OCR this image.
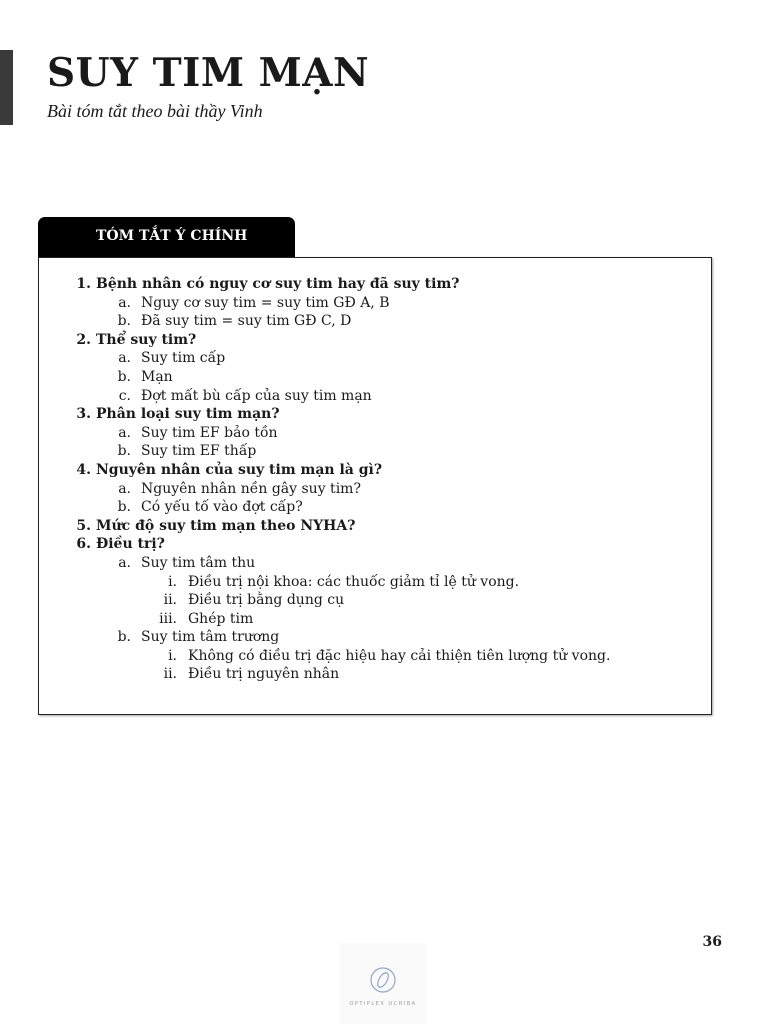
SUY TIM MẠN

Bài tóm tắt theo bài thầy Vinh

TÓM TẮT Ý CHÍNH
1. Bệnh nhân có nguy cơ suy tim hay đã suy tim?
a. Nguy cơ suy tim = suy tim GĐ A, B
b. Đã suy tim = suy tim GĐ C, D
2. Thể suy tim?
a. Suy tim cấp
b. Mạn
c. Đợt mất bù cấp của suy tim mạn
3. Phân loại suy tim mạn?
a. Suy tim EF bảo tồn
b. Suy tim EF thấp
4. Nguyên nhân của suy tim mạn là gì?
a. Nguyên nhân nền gây suy tim?
b. Có yếu tố vào đợt cấp?
5. Mức độ suy tim mạn theo NYHA?
6. Điều trị?
a. Suy tim tâm thu
i. Điều trị nội khoa: các thuốc giảm tỉ lệ tử vong.
ii. Điều trị bằng dụng cụ
iii. Ghép tim
b. Suy tim tâm trương
i. Không có điều trị đặc hiệu hay cải thiện tiên lượng tử vong.
ii. Điều trị nguyên nhân
36
OPTIPLEX UCHIBA
